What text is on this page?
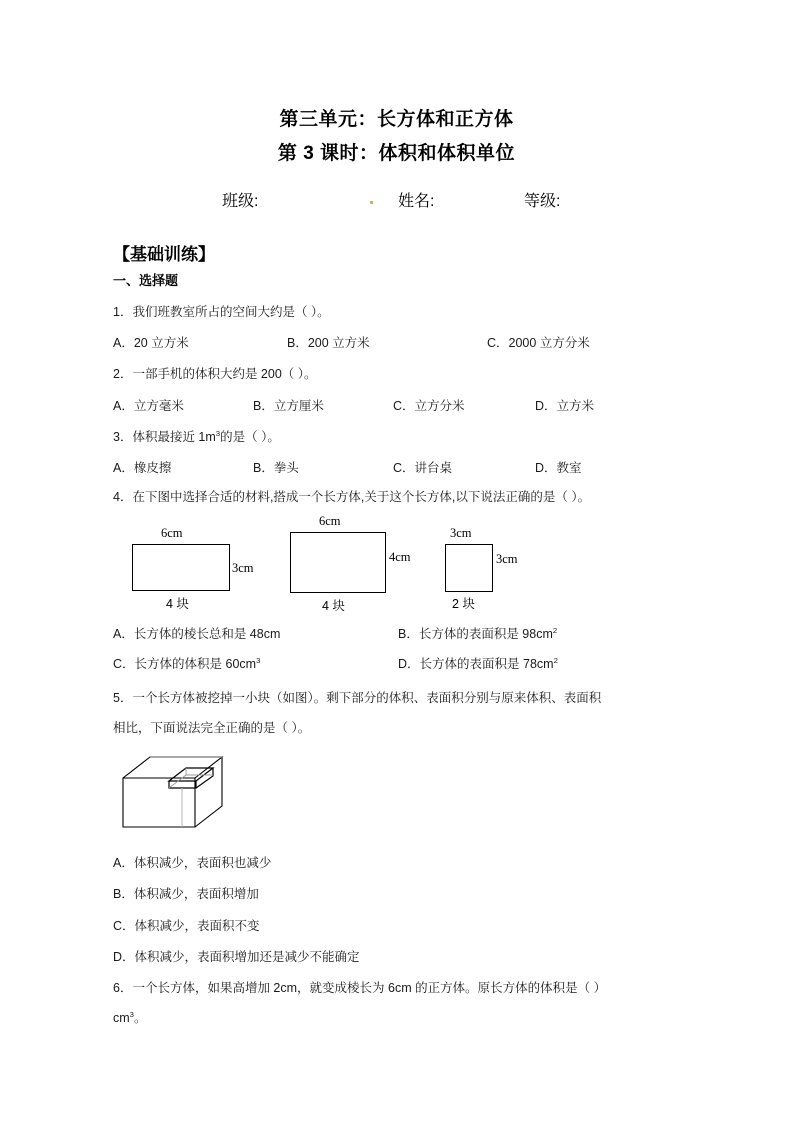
第三单元：长方体和正方体
第 3 课时：体积和体积单位
班级:	姓名:	等级:
【基础训练】
一、选择题
1．我们班教室所占的空间大约是（ ）。
A．20 立方米	B．200 立方米	C．2000 立方分米
2．一部手机的体积大约是 200（ ）。
A．立方毫米	B．立方厘米	C．立方分米	D．立方米
3．体积最接近 $1m^3$的是（ ）。
A．橡皮擦	B．拳头	C．讲台桌	D．教室
4．在下图中选择合适的材料,搭成一个长方体,关于这个长方体,以下说法正确的是（ ）。
6cm
3cm
4 块
6cm
4cm
4 块
3cm
3cm
2 块
A．长方体的棱长总和是 48cm	B．长方体的表面积是 $98cm^2$
C．长方体的体积是 $60cm^3$	D．长方体的表面积是 $78cm^2$
5．一个长方体被挖掉一小块（如图）。剩下部分的体积、表面积分别与原来体积、表面积
相比，下面说法完全正确的是（ ）。
A．体积减少，表面积也减少
B．体积减少，表面积增加
C．体积减少，表面积不变
D．体积减少，表面积增加还是减少不能确定
6．一个长方体，如果高增加 2cm，就变成棱长为 6cm 的正方体。原长方体的体积是（ ）
$cm^3$。
